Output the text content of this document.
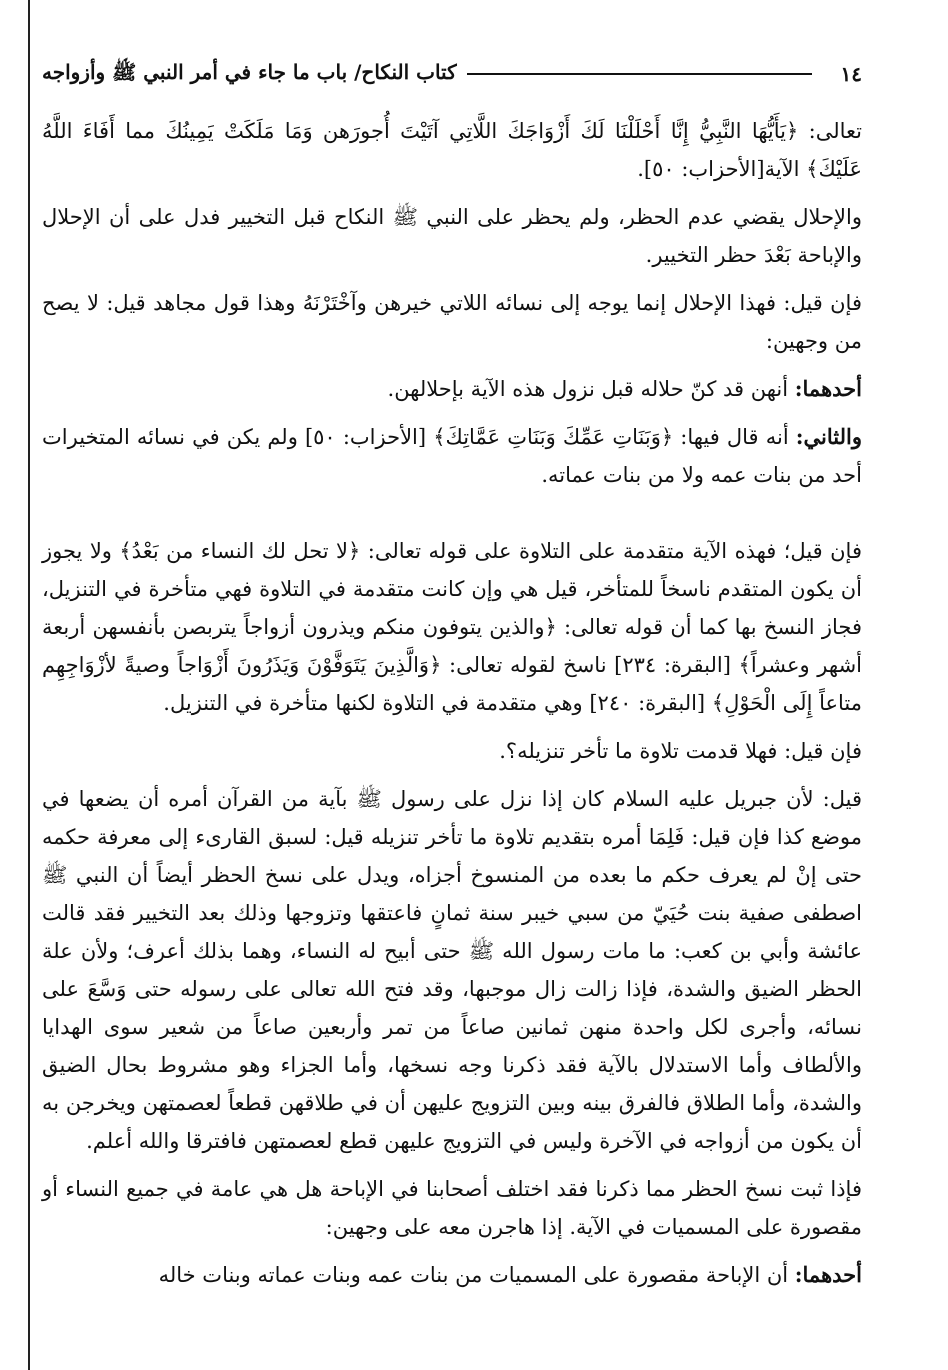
١٤
كتاب النكاح/ باب ما جاء في أمر النبي ﷺ وأزواجه

تعالى: ﴿يَأَيُّهَا النَّبِيُّ إِنَّا أَحْلَلْنَا لَكَ أَزْوَاجَكَ اللَّاتِي آتَيْتَ أُجورَهن وَمَا مَلَكَتْ يَمِينُكَ مما أَفَاءَ اللَّهُ عَلَيْكَ﴾ الآية[الأحزاب: ٥٠].

والإحلال يقضي عدم الحظر، ولم يحظر على النبي ﷺ النكاح قبل التخيير فدل على أن الإحلال والإباحة بَعْدَ حظر التخيير.

فإن قيل: فهذا الإحلال إنما يوجه إلى نسائه اللاتي خيرهن وآخْتَرْنَهُ وهذا قول مجاهد قيل: لا يصح من وجهين:

أحدهما: أنهن قد كنّ حلاله قبل نزول هذه الآية بإحلالهن.

والثاني: أنه قال فيها: ﴿وَبَنَاتِ عَمِّكَ وَبَنَاتِ عَمَّاتِكَ﴾ [الأحزاب: ٥٠] ولم يكن في نسائه المتخيرات أحد من بنات عمه ولا من بنات عماته.

فإن قيل؛ فهذه الآية متقدمة على التلاوة على قوله تعالى: ﴿لا تحل لك النساء من بَعْدُ﴾ ولا يجوز أن يكون المتقدم ناسخاً للمتأخر، قيل هي وإن كانت متقدمة في التلاوة فهي متأخرة في التنزيل، فجاز النسخ بها كما أن قوله تعالى: ﴿والذين يتوفون منكم ويذرون أزواجاً يتربصن بأنفسهن أربعة أشهر وعشراً﴾ [البقرة: ٢٣٤] ناسخ لقوله تعالى: ﴿وَالَّذِينَ يَتَوَفَّوْنَ وَيَذَرُونَ أَزْوَاجاً وصيةً لأزْوَاجِهِم متاعاً إِلَى الْحَوْلِ﴾ [البقرة: ٢٤٠] وهي متقدمة في التلاوة لكنها متأخرة في التنزيل.

فإن قيل: فهلا قدمت تلاوة ما تأخر تنزيله؟.

قيل: لأن جبريل عليه السلام كان إذا نزل على رسول ﷺ بآية من القرآن أمره أن يضعها في موضع كذا فإن قيل: فَلِمَا أمره بتقديم تلاوة ما تأخر تنزيله قيل: لسبق القارىء إلى معرفة حكمه حتى إنْ لم يعرف حكم ما بعده من المنسوخ أجزاه، ويدل على نسخ الحظر أيضاً أن النبي ﷺ اصطفى صفية بنت حُيَيّ من سبي خيبر سنة ثمانٍ فاعتقها وتزوجها وذلك بعد التخيير فقد قالت عائشة وأبي بن كعب: ما مات رسول الله ﷺ حتى أبيح له النساء، وهما بذلك أعرف؛ ولأن علة الحظر الضيق والشدة، فإذا زالت زال موجبها، وقد فتح الله تعالى على رسوله حتى وَسَّعَ على نسائه، وأجرى لكل واحدة منهن ثمانين صاعاً من تمر وأربعين صاعاً من شعير سوى الهدايا والألطاف وأما الاستدلال بالآية فقد ذكرنا وجه نسخها، وأما الجزاء وهو مشروط بحال الضيق والشدة، وأما الطلاق فالفرق بينه وبين التزويج عليهن أن في طلاقهن قطعاً لعصمتهن ويخرجن به أن يكون من أزواجه في الآخرة وليس في التزويج عليهن قطع لعصمتهن فافترقا والله أعلم.

فإذا ثبت نسخ الحظر مما ذكرنا فقد اختلف أصحابنا في الإباحة هل هي عامة في جميع النساء أو مقصورة على المسميات في الآية. إذا هاجرن معه على وجهين:

أحدهما: أن الإباحة مقصورة على المسميات من بنات عمه وبنات عماته وبنات خاله
